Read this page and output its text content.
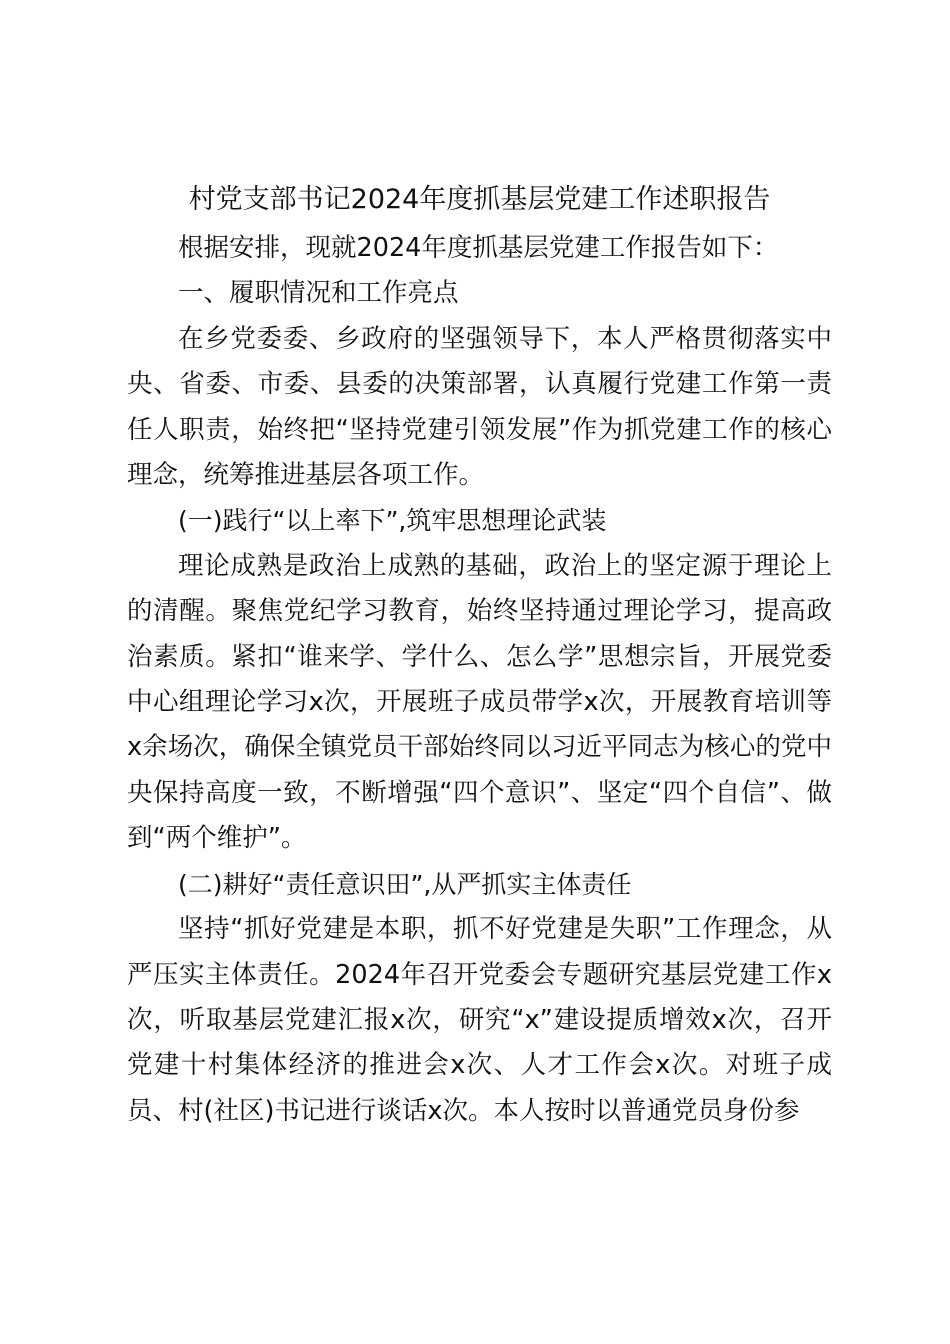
村党支部书记2024年度抓基层党建工作述职报告

根据安排，现就2024年度抓基层党建工作报告如下：

一、履职情况和工作亮点

在乡党委委、乡政府的坚强领导下，本人严格贯彻落实中央、省委、市委、县委的决策部署，认真履行党建工作第一责任人职责，始终把“坚持党建引领发展”作为抓党建工作的核心理念，统筹推进基层各项工作。

(一)践行“以上率下”,筑牢思想理论武装

理论成熟是政治上成熟的基础，政治上的坚定源于理论上的清醒。聚焦党纪学习教育，始终坚持通过理论学习，提高政治素质。紧扣“谁来学、学什么、怎么学”思想宗旨，开展党委中心组理论学习x次，开展班子成员带学x次，开展教育培训等x余场次，确保全镇党员干部始终同以习近平同志为核心的党中央保持高度一致，不断增强“四个意识”、坚定“四个自信”、做到“两个维护”。

(二)耕好“责任意识田”,从严抓实主体责任

坚持“抓好党建是本职，抓不好党建是失职”工作理念，从严压实主体责任。2024年召开党委会专题研究基层党建工作x次，听取基层党建汇报x次，研究“x”建设提质增效x次，召开党建十村集体经济的推进会x次、人才工作会x次。对班子成员、村(社区)书记进行谈话x次。本人按时以普通党员身份参
